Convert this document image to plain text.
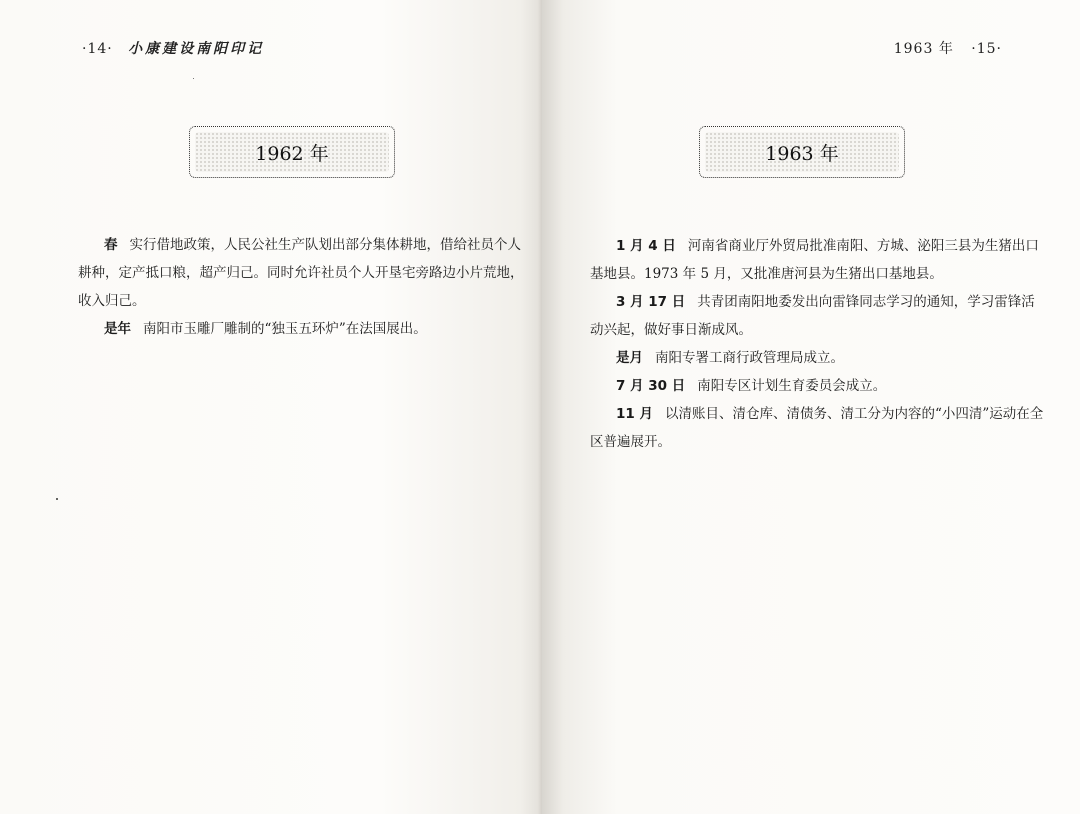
·14· 小康建设南阳印记
1962 年

春 实行借地政策，人民公社生产队划出部分集体耕地，借给社员个人耕种，定产抵口粮，超产归己。同时允许社员个人开垦宅旁路边小片荒地，收入归己。

是年 南阳市玉雕厂雕制的“独玉五环炉”在法国展出。

1963 年 ·15·
1963 年

1 月 4 日 河南省商业厅外贸局批准南阳、方城、泌阳三县为生猪出口基地县。1973 年 5 月，又批准唐河县为生猪出口基地县。

3 月 17 日 共青团南阳地委发出向雷锋同志学习的通知，学习雷锋活动兴起，做好事日渐成风。

是月 南阳专署工商行政管理局成立。

7 月 30 日 南阳专区计划生育委员会成立。

11 月 以清账目、清仓库、清债务、清工分为内容的“小四清”运动在全区普遍展开。
